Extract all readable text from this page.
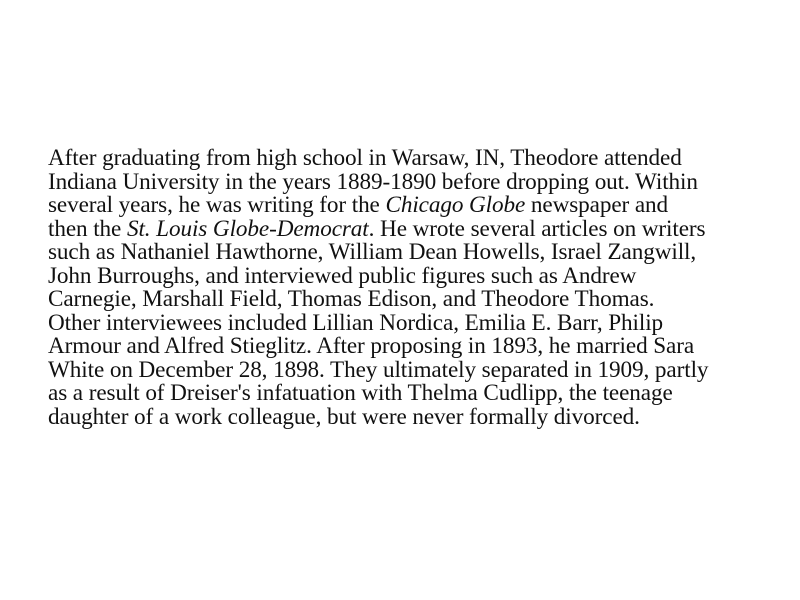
After graduating from high school in Warsaw, IN, Theodore attended
Indiana University in the years 1889-1890 before dropping out. Within
several years, he was writing for the Chicago Globe newspaper and
then the St. Louis Globe-Democrat. He wrote several articles on writers
such as Nathaniel Hawthorne, William Dean Howells, Israel Zangwill,
John Burroughs, and interviewed public figures such as Andrew
Carnegie, Marshall Field, Thomas Edison, and Theodore Thomas.
Other interviewees included Lillian Nordica, Emilia E. Barr, Philip
Armour and Alfred Stieglitz. After proposing in 1893, he married Sara
White on December 28, 1898. They ultimately separated in 1909, partly
as a result of Dreiser's infatuation with Thelma Cudlipp, the teenage
daughter of a work colleague, but were never formally divorced.
